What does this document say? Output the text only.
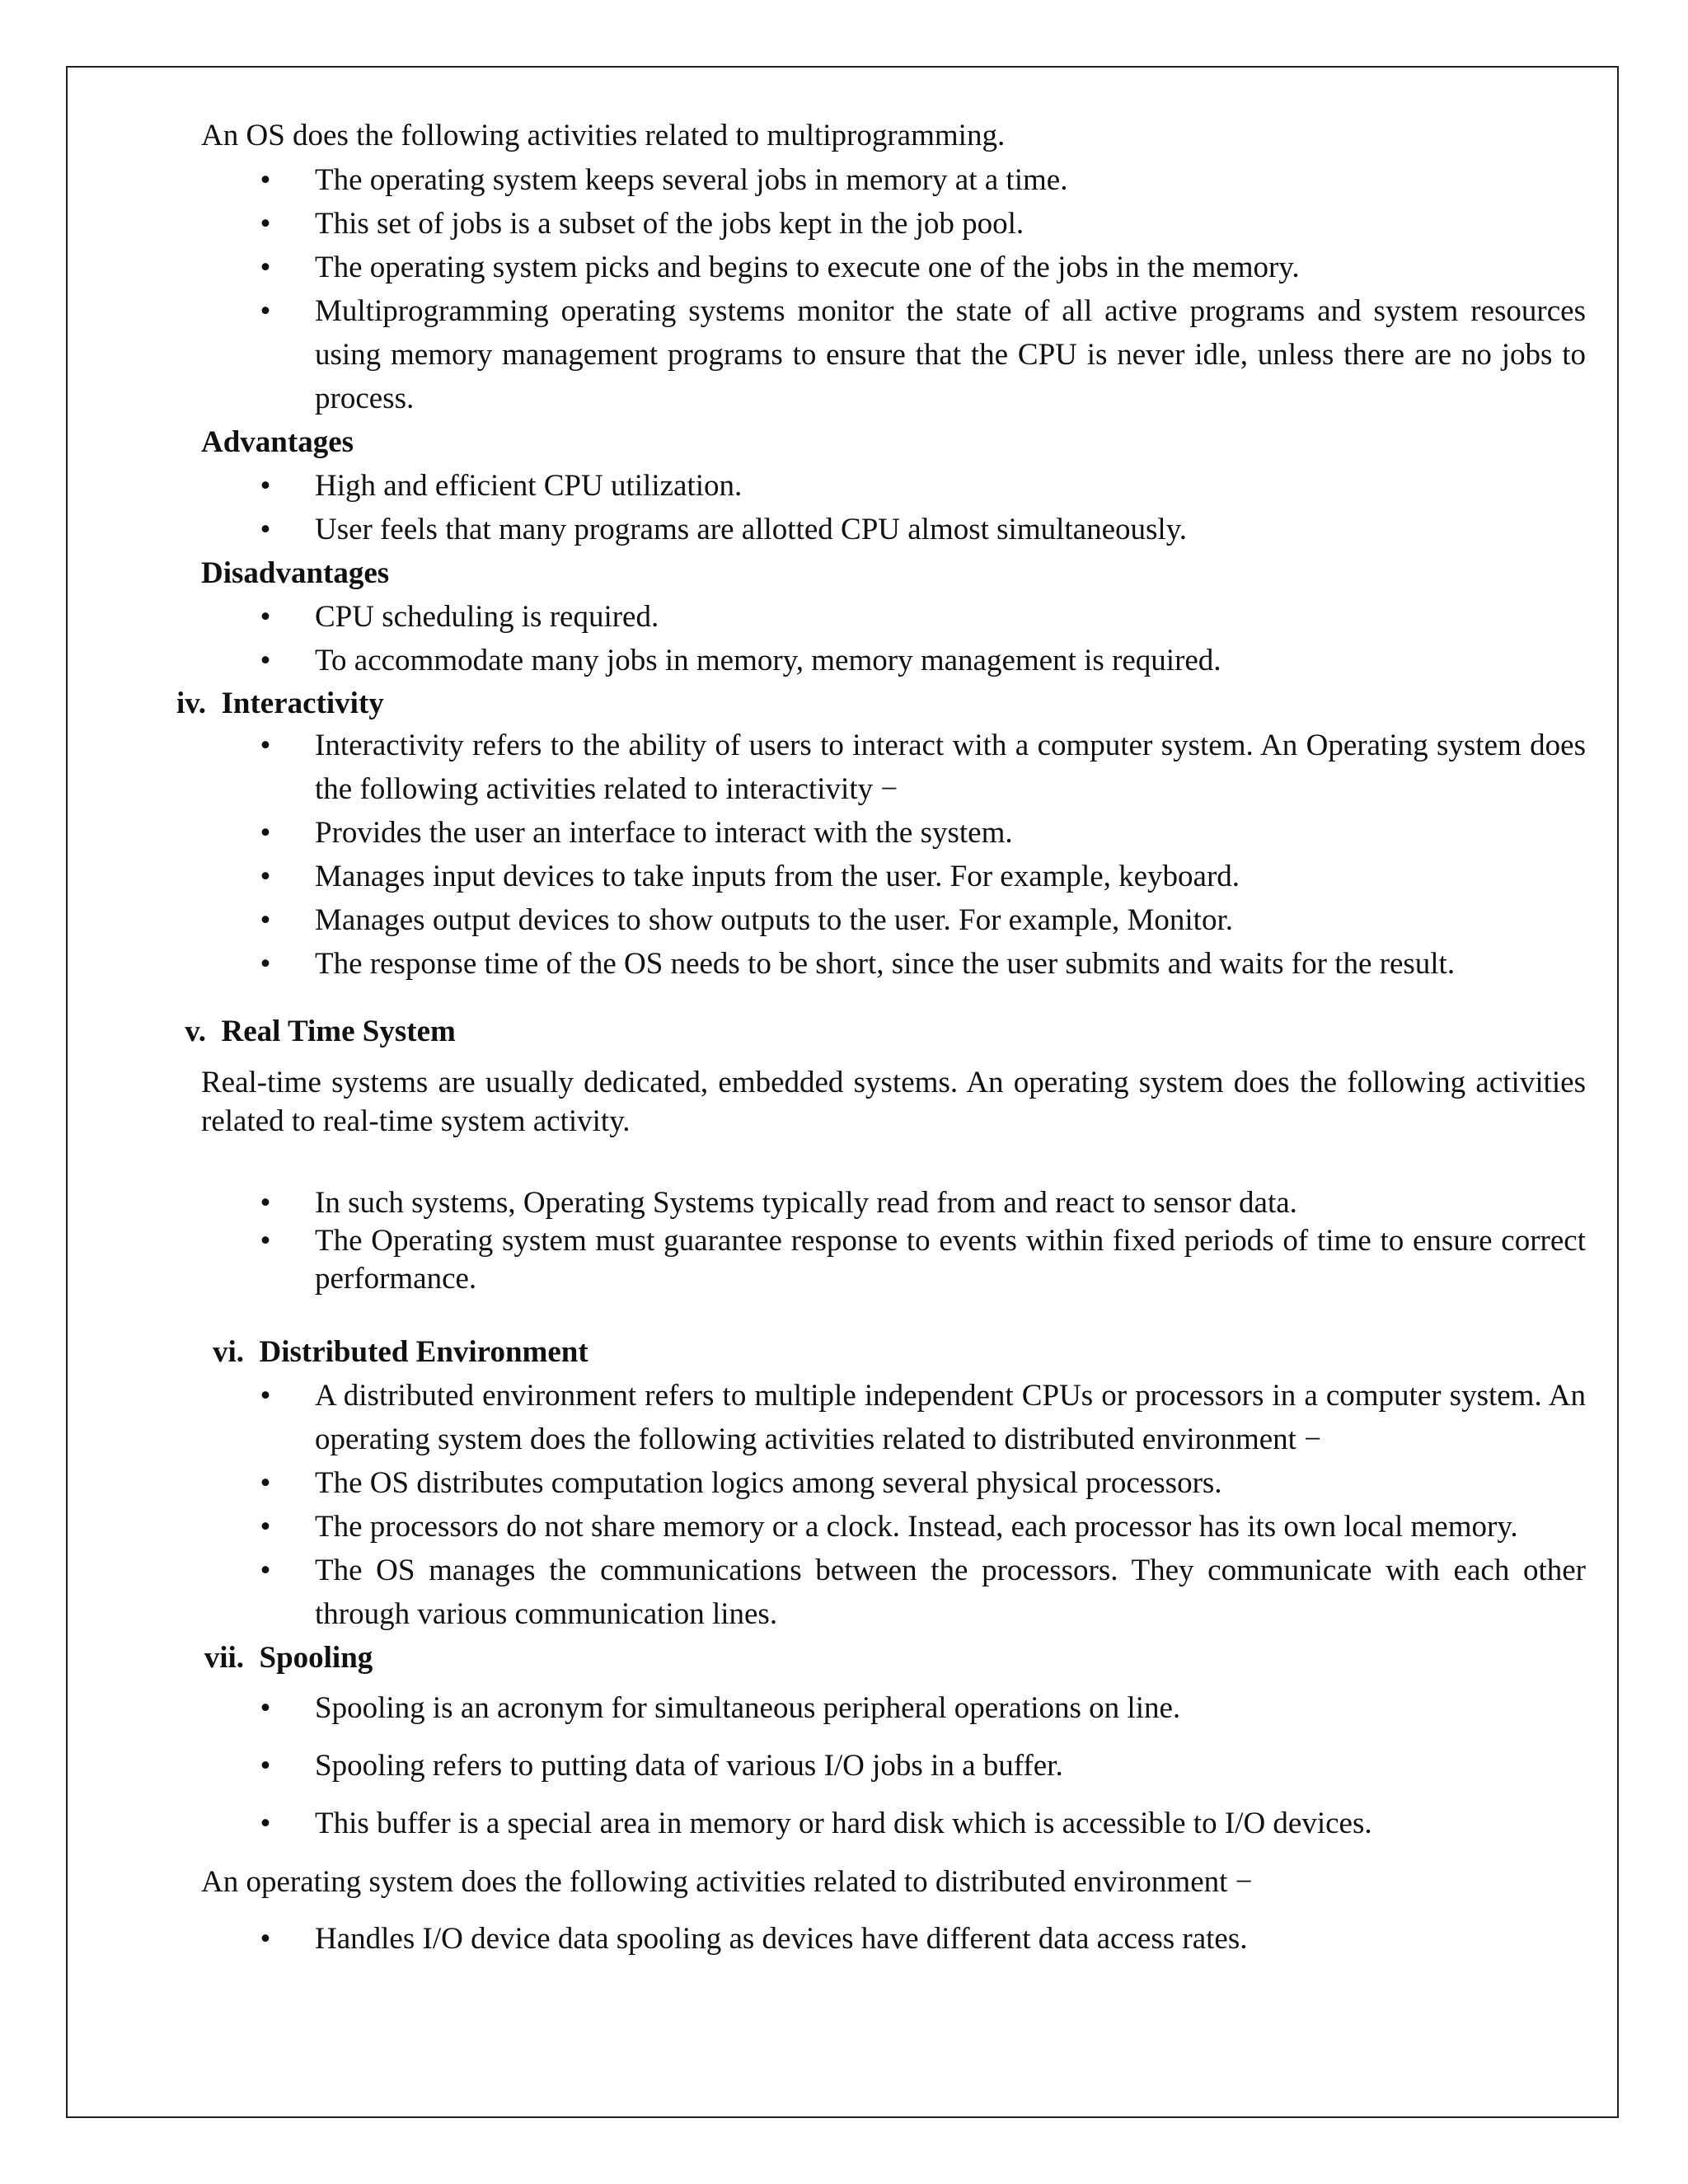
An OS does the following activities related to multiprogramming.

• The operating system keeps several jobs in memory at a time.
• This set of jobs is a subset of the jobs kept in the job pool.
• The operating system picks and begins to execute one of the jobs in the memory.
• Multiprogramming operating systems monitor the state of all active programs and system resources using memory management programs to ensure that the CPU is never idle, unless there are no jobs to process.

Advantages

• High and efficient CPU utilization.
• User feels that many programs are allotted CPU almost simultaneously.

Disadvantages

• CPU scheduling is required.
• To accommodate many jobs in memory, memory management is required.
iv. Interactivity
• Interactivity refers to the ability of users to interact with a computer system. An Operating system does the following activities related to interactivity −
• Provides the user an interface to interact with the system.
• Manages input devices to take inputs from the user. For example, keyboard.
• Manages output devices to show outputs to the user. For example, Monitor.
• The response time of the OS needs to be short, since the user submits and waits for the result.
v. Real Time System

Real-time systems are usually dedicated, embedded systems. An operating system does the following activities related to real-time system activity.

• In such systems, Operating Systems typically read from and react to sensor data.
• The Operating system must guarantee response to events within fixed periods of time to ensure correct performance.
vi. Distributed Environment
• A distributed environment refers to multiple independent CPUs or processors in a computer system. An operating system does the following activities related to distributed environment −
• The OS distributes computation logics among several physical processors.
• The processors do not share memory or a clock. Instead, each processor has its own local memory.
• The OS manages the communications between the processors. They communicate with each other through various communication lines.
vii. Spooling
• Spooling is an acronym for simultaneous peripheral operations on line.
• Spooling refers to putting data of various I/O jobs in a buffer.
• This buffer is a special area in memory or hard disk which is accessible to I/O devices.

An operating system does the following activities related to distributed environment −

• Handles I/O device data spooling as devices have different data access rates.
